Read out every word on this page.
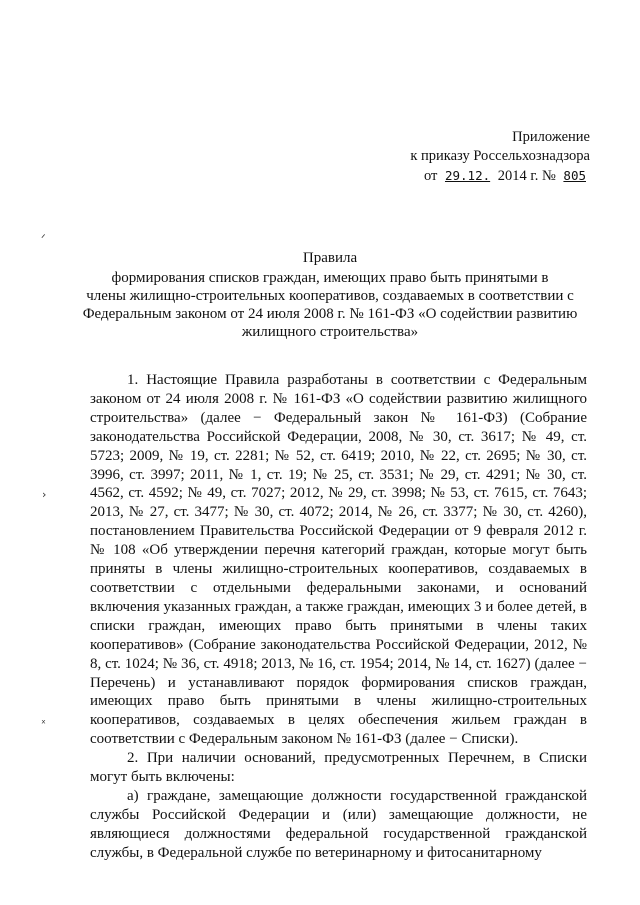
ᐟ
›
ˣ
Приложение
к приказу Россельхознадзора
от 29.12. 2014 г. № 805
Правила
формирования списков граждан, имеющих право быть принятыми в
члены жилищно-строительных кооперативов, создаваемых в соответствии с
Федеральным законом от 24 июля 2008 г. № 161-ФЗ «О содействии развитию
жилищного строительства»

1. Настоящие Правила разработаны в соответствии с Федеральным законом от 24 июля 2008 г. № 161-ФЗ «О содействии развитию жилищного строительства» (далее − Федеральный закон № 161-ФЗ) (Собрание законодательства Российской Федерации, 2008, № 30, ст. 3617; № 49, ст. 5723; 2009, № 19, ст. 2281; № 52, ст. 6419; 2010, № 22, ст. 2695; № 30, ст. 3996, ст. 3997; 2011, № 1, ст. 19; № 25, ст. 3531; № 29, ст. 4291; № 30, ст. 4562, ст. 4592; № 49, ст. 7027; 2012, № 29, ст. 3998; № 53, ст. 7615, ст. 7643; 2013, № 27, ст. 3477; № 30, ст. 4072; 2014, № 26, ст. 3377; № 30, ст. 4260), постановлением Правительства Российской Федерации от 9 февраля 2012 г. № 108 «Об утверждении перечня категорий граждан, которые могут быть приняты в члены жилищно-строительных кооперативов, создаваемых в соответствии с отдельными федеральными законами, и оснований включения указанных граждан, а также граждан, имеющих 3 и более детей, в списки граждан, имеющих право быть принятыми в члены таких кооперативов» (Собрание законодательства Российской Федерации, 2012, № 8, ст. 1024; № 36, ст. 4918; 2013, № 16, ст. 1954; 2014, № 14, ст. 1627) (далее − Перечень) и устанавливают порядок формирования списков граждан, имеющих право быть принятыми в члены жилищно-строительных кооперативов, создаваемых в целях обеспечения жильем граждан в соответствии с Федеральным законом № 161-ФЗ (далее − Списки).

2. При наличии оснований, предусмотренных Перечнем, в Списки могут быть включены:

а) граждане, замещающие должности государственной гражданской службы Российской Федерации и (или) замещающие должности, не являющиеся должностями федеральной государственной гражданской службы, в Федеральной службе по ветеринарному и фитосанитарному
